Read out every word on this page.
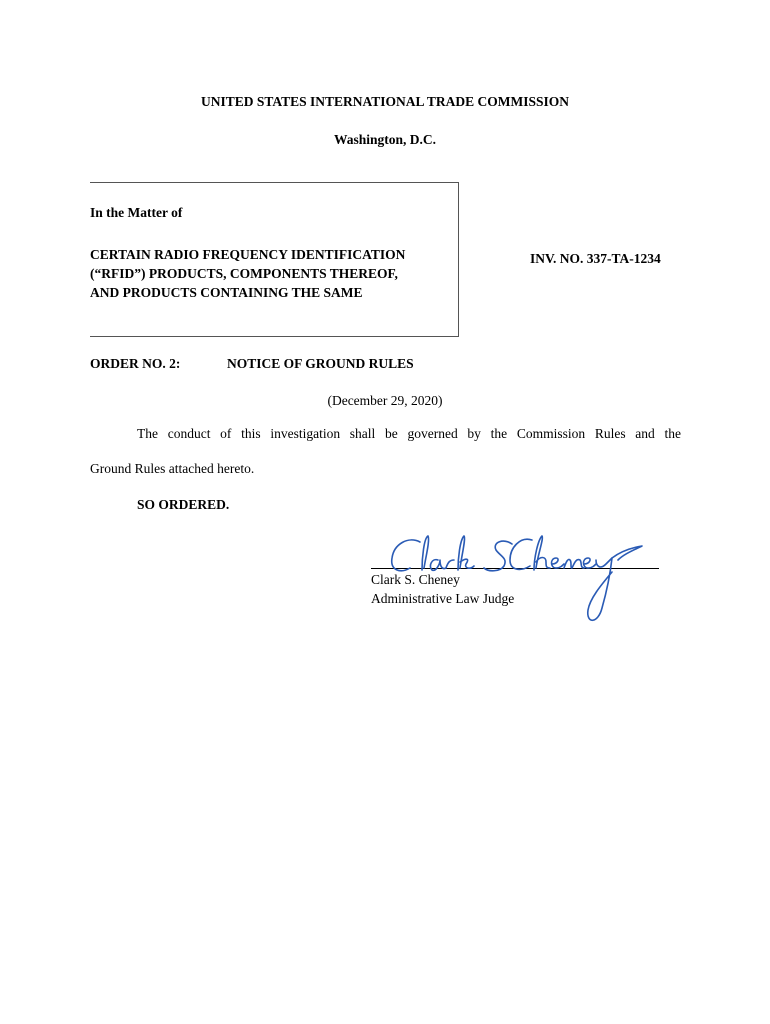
UNITED STATES INTERNATIONAL TRADE COMMISSION
Washington, D.C.
In the Matter of
CERTAIN RADIO FREQUENCY IDENTIFICATION
(“RFID”) PRODUCTS, COMPONENTS THEREOF,
AND PRODUCTS CONTAINING THE SAME
INV. NO. 337-TA-1234
ORDER NO. 2:	NOTICE OF GROUND RULES
(December 29, 2020)
The conduct of this investigation shall be governed by the Commission Rules and the
Ground Rules attached hereto.
SO ORDERED.
Clark S. Cheney
Administrative Law Judge
